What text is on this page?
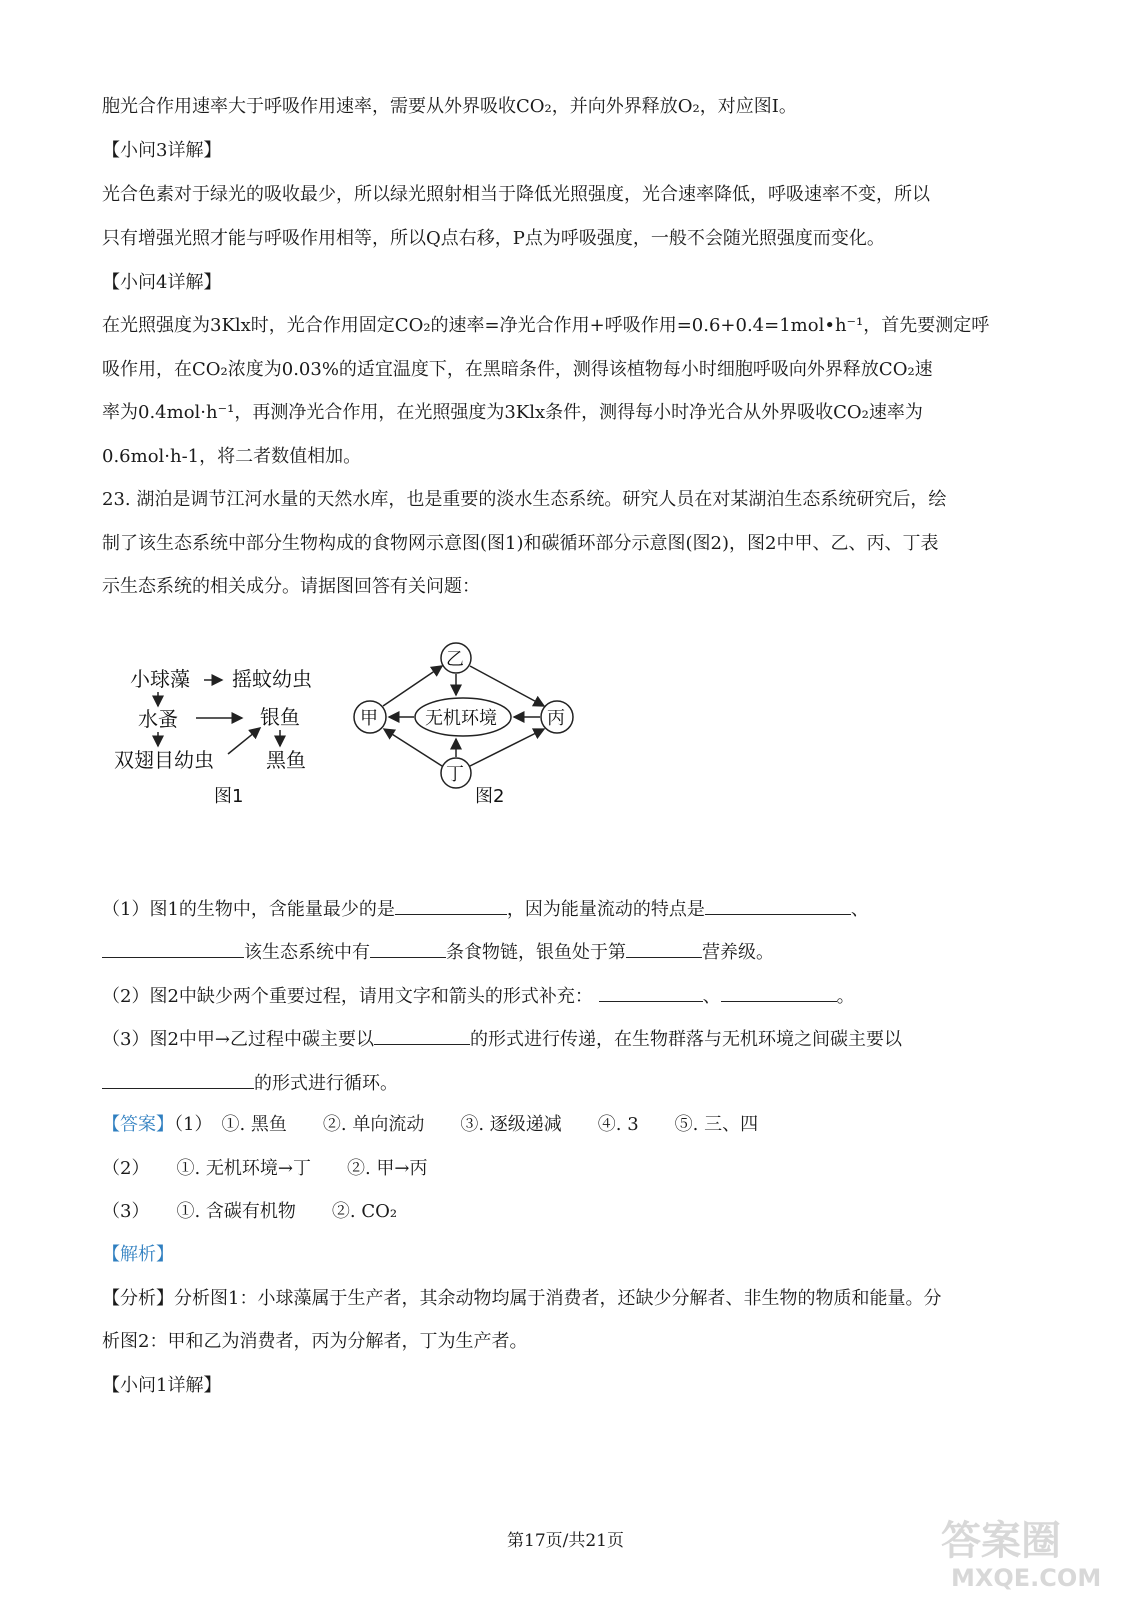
胞光合作用速率大于呼吸作用速率，需要从外界吸收CO₂，并向外界释放O₂，对应图I。
【小问3详解】
光合色素对于绿光的吸收最少，所以绿光照射相当于降低光照强度，光合速率降低，呼吸速率不变，所以
只有增强光照才能与呼吸作用相等，所以Q点右移，P点为呼吸强度，一般不会随光照强度而变化。
【小问4详解】
在光照强度为3Klx时，光合作用固定CO₂的速率=净光合作用+呼吸作用=0.6+0.4=1mol•h⁻¹，首先要测定呼
吸作用，在CO₂浓度为0.03%的适宜温度下，在黑暗条件，测得该植物每小时细胞呼吸向外界释放CO₂速
率为0.4mol·h⁻¹，再测净光合作用，在光照强度为3Klx条件，测得每小时净光合从外界吸收CO₂速率为
0.6mol·h-1，将二者数值相加。
23. 湖泊是调节江河水量的天然水库，也是重要的淡水生态系统。研究人员在对某湖泊生态系统研究后，绘
制了该生态系统中部分生物构成的食物网示意图(图1)和碳循环部分示意图(图2)，图2中甲、乙、丙、丁表
示生态系统的相关成分。请据图回答有关问题：
小球藻 摇蚊幼虫
水蚤	银鱼
双翅目幼虫	黑鱼
图1
甲
乙
丙
丁
无机环境
图2
（1）图1的生物中，含能量最少的是	，因为能量流动的特点是	、
该生态系统中有	条食物链，银鱼处于第	营养级。
（2）图2中缺少两个重要过程，请用文字和箭头的形式补充：	、	。
（3）图2中甲→乙过程中碳主要以	的形式进行传递，在生物群落与无机环境之间碳主要以
的形式进行循环。
【答案】（1）　①. 黑鱼　　②. 单向流动　　③. 逐级递减　　④. 3　　⑤. 三、四
（2）　　①. 无机环境→丁　　②. 甲→丙
（3）　　①. 含碳有机物　　②. CO₂
【解析】
【分析】分析图1：小球藻属于生产者，其余动物均属于消费者，还缺少分解者、非生物的物质和能量。分
析图2：甲和乙为消费者，丙为分解者，丁为生产者。
【小问1详解】
第17页/共21页	答案圈
MXQE.COM
